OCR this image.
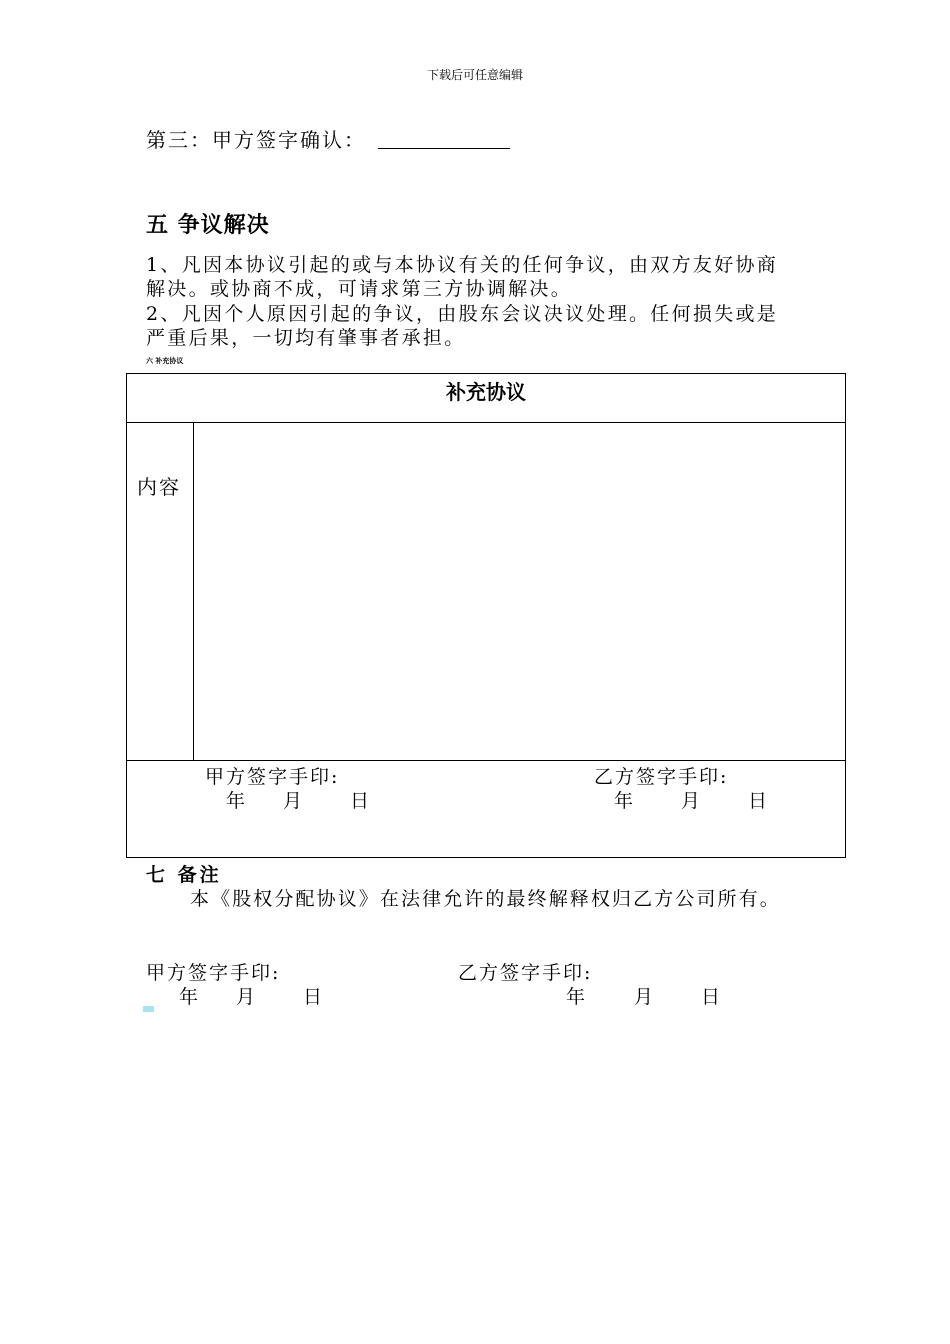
下载后可任意编辑
第三：甲方签字确认：
五 争议解决
1、凡因本协议引起的或与本协议有关的任何争议，由双方友好协商
解决。或协商不成，可请求第三方协调解决。
2、凡因个人原因引起的争议，由股东会议决议处理。任何损失或是
严重后果，一切均有肇事者承担。
六 补充协议
补充协议
内容
甲方签字手印:	乙方签字手印:
年 月	日	年	月	日
七 备注
本《股权分配协议》在法律允许的最终解释权归乙方公司所有。
甲方签字手印:	乙方签字手印:
年 月	日	年	月	日
